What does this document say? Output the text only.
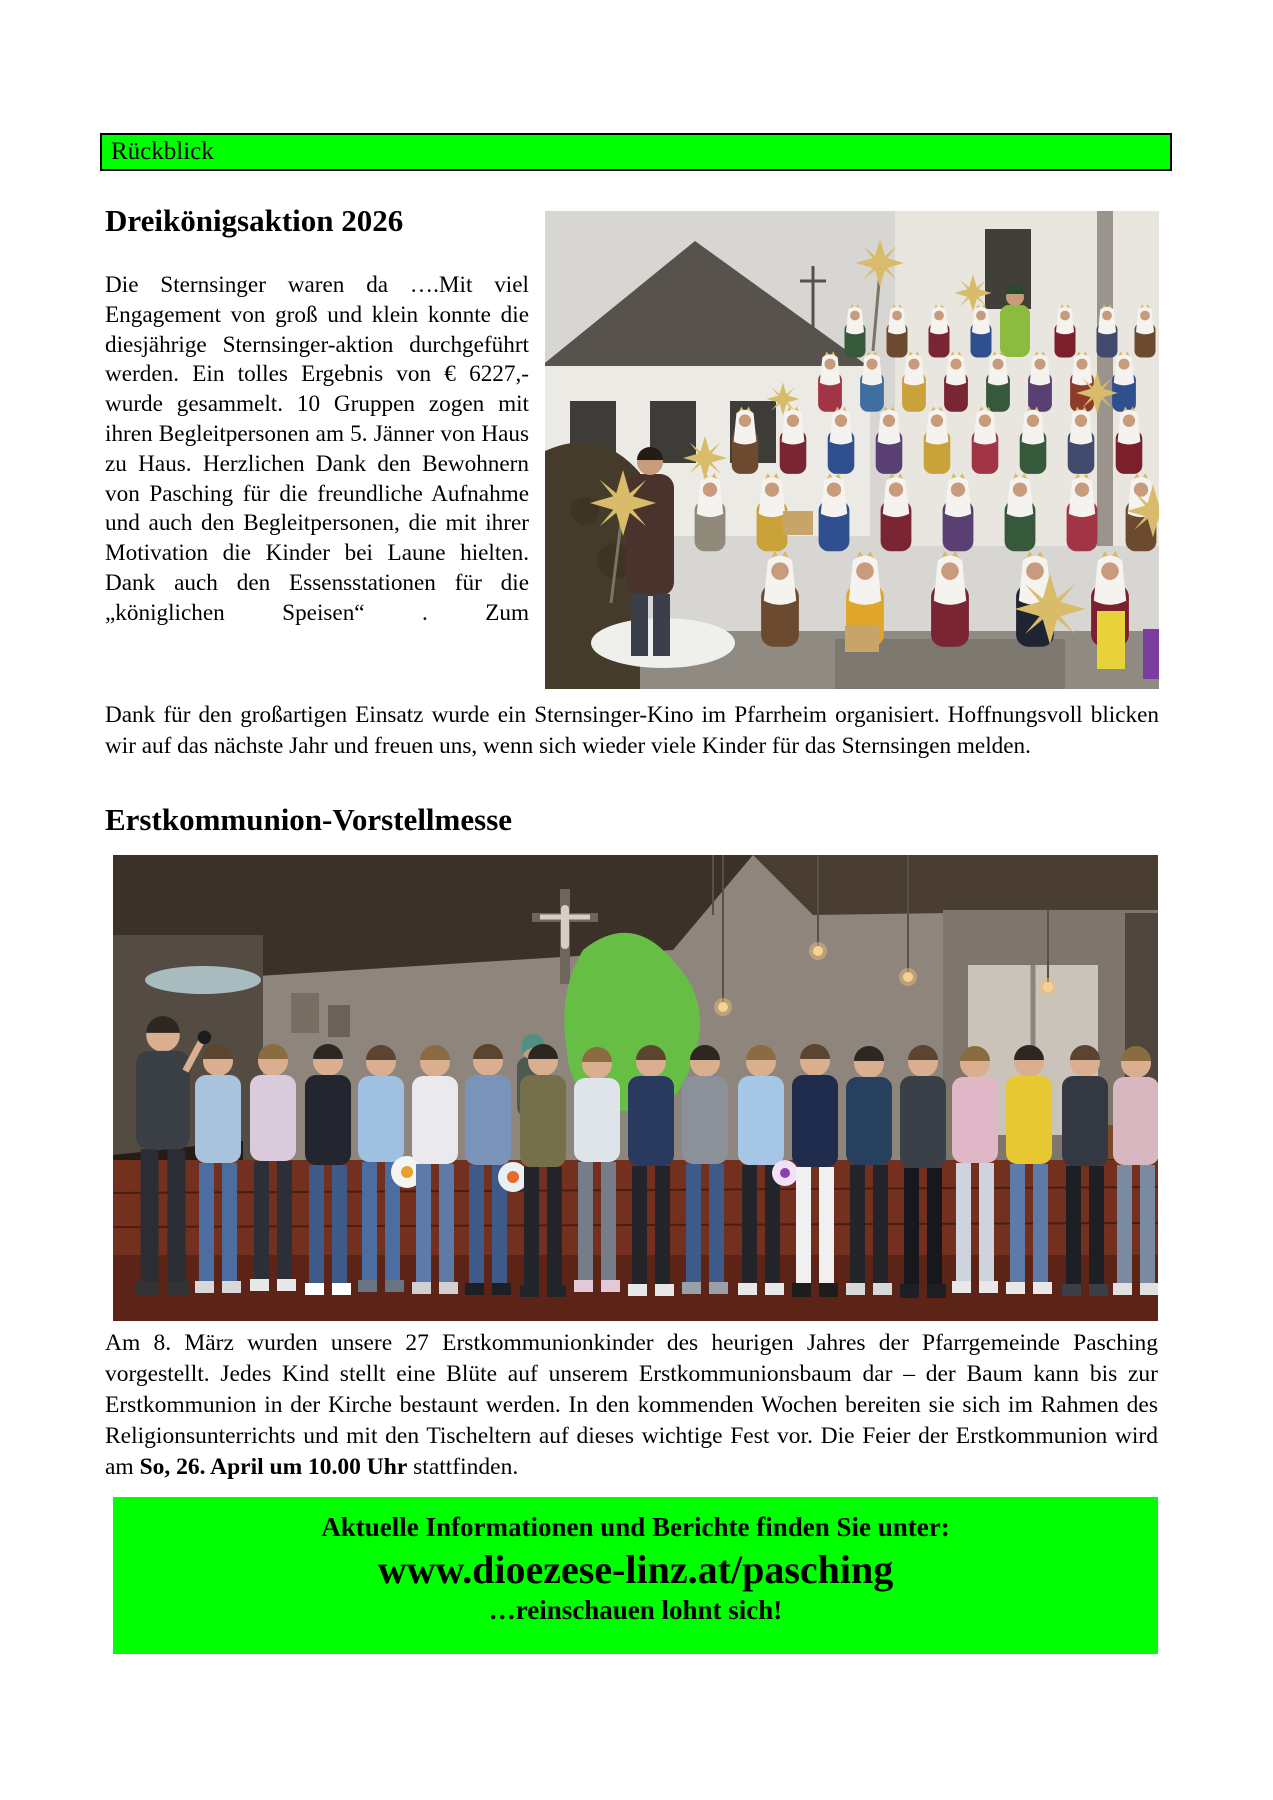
Rückblick
Dreikönigsaktion 2026

Die Sternsinger waren da ….Mit viel Engagement von groß und klein konnte die diesjährige Sternsinger-aktion durchgeführt werden. Ein tolles Ergebnis von € 6227,- wurde gesammelt. 10 Gruppen zogen mit ihren Begleitpersonen am 5. Jänner von Haus zu Haus. Herzlichen Dank den Bewohnern von Pasching für die freundliche Aufnahme und auch den Begleitpersonen, die mit ihrer Motivation die Kinder bei Laune hielten. Dank auch den Essensstationen für die „königlichen Speisen“ . Zum

Dank für den großartigen Einsatz wurde ein Sternsinger-Kino im Pfarrheim organisiert. Hoffnungsvoll blicken wir auf das nächste Jahr und freuen uns, wenn sich wieder viele Kinder für das Sternsingen melden.

Erstkommunion-Vorstellmesse

Am 8. März wurden unsere 27 Erstkommunionkinder des heurigen Jahres der Pfarrgemeinde Pasching vorgestellt. Jedes Kind stellt eine Blüte auf unserem Erstkommunionsbaum dar – der Baum kann bis zur Erstkommunion in der Kirche bestaunt werden. In den kommenden Wochen bereiten sie sich im Rahmen des Religionsunterrichts und mit den Tischeltern auf dieses wichtige Fest vor. Die Feier der Erstkommunion wird am So, 26. April um 10.00 Uhr stattfinden.

Aktuelle Informationen und Berichte finden Sie unter:
www.dioezese-linz.at/pasching
…reinschauen lohnt sich!
